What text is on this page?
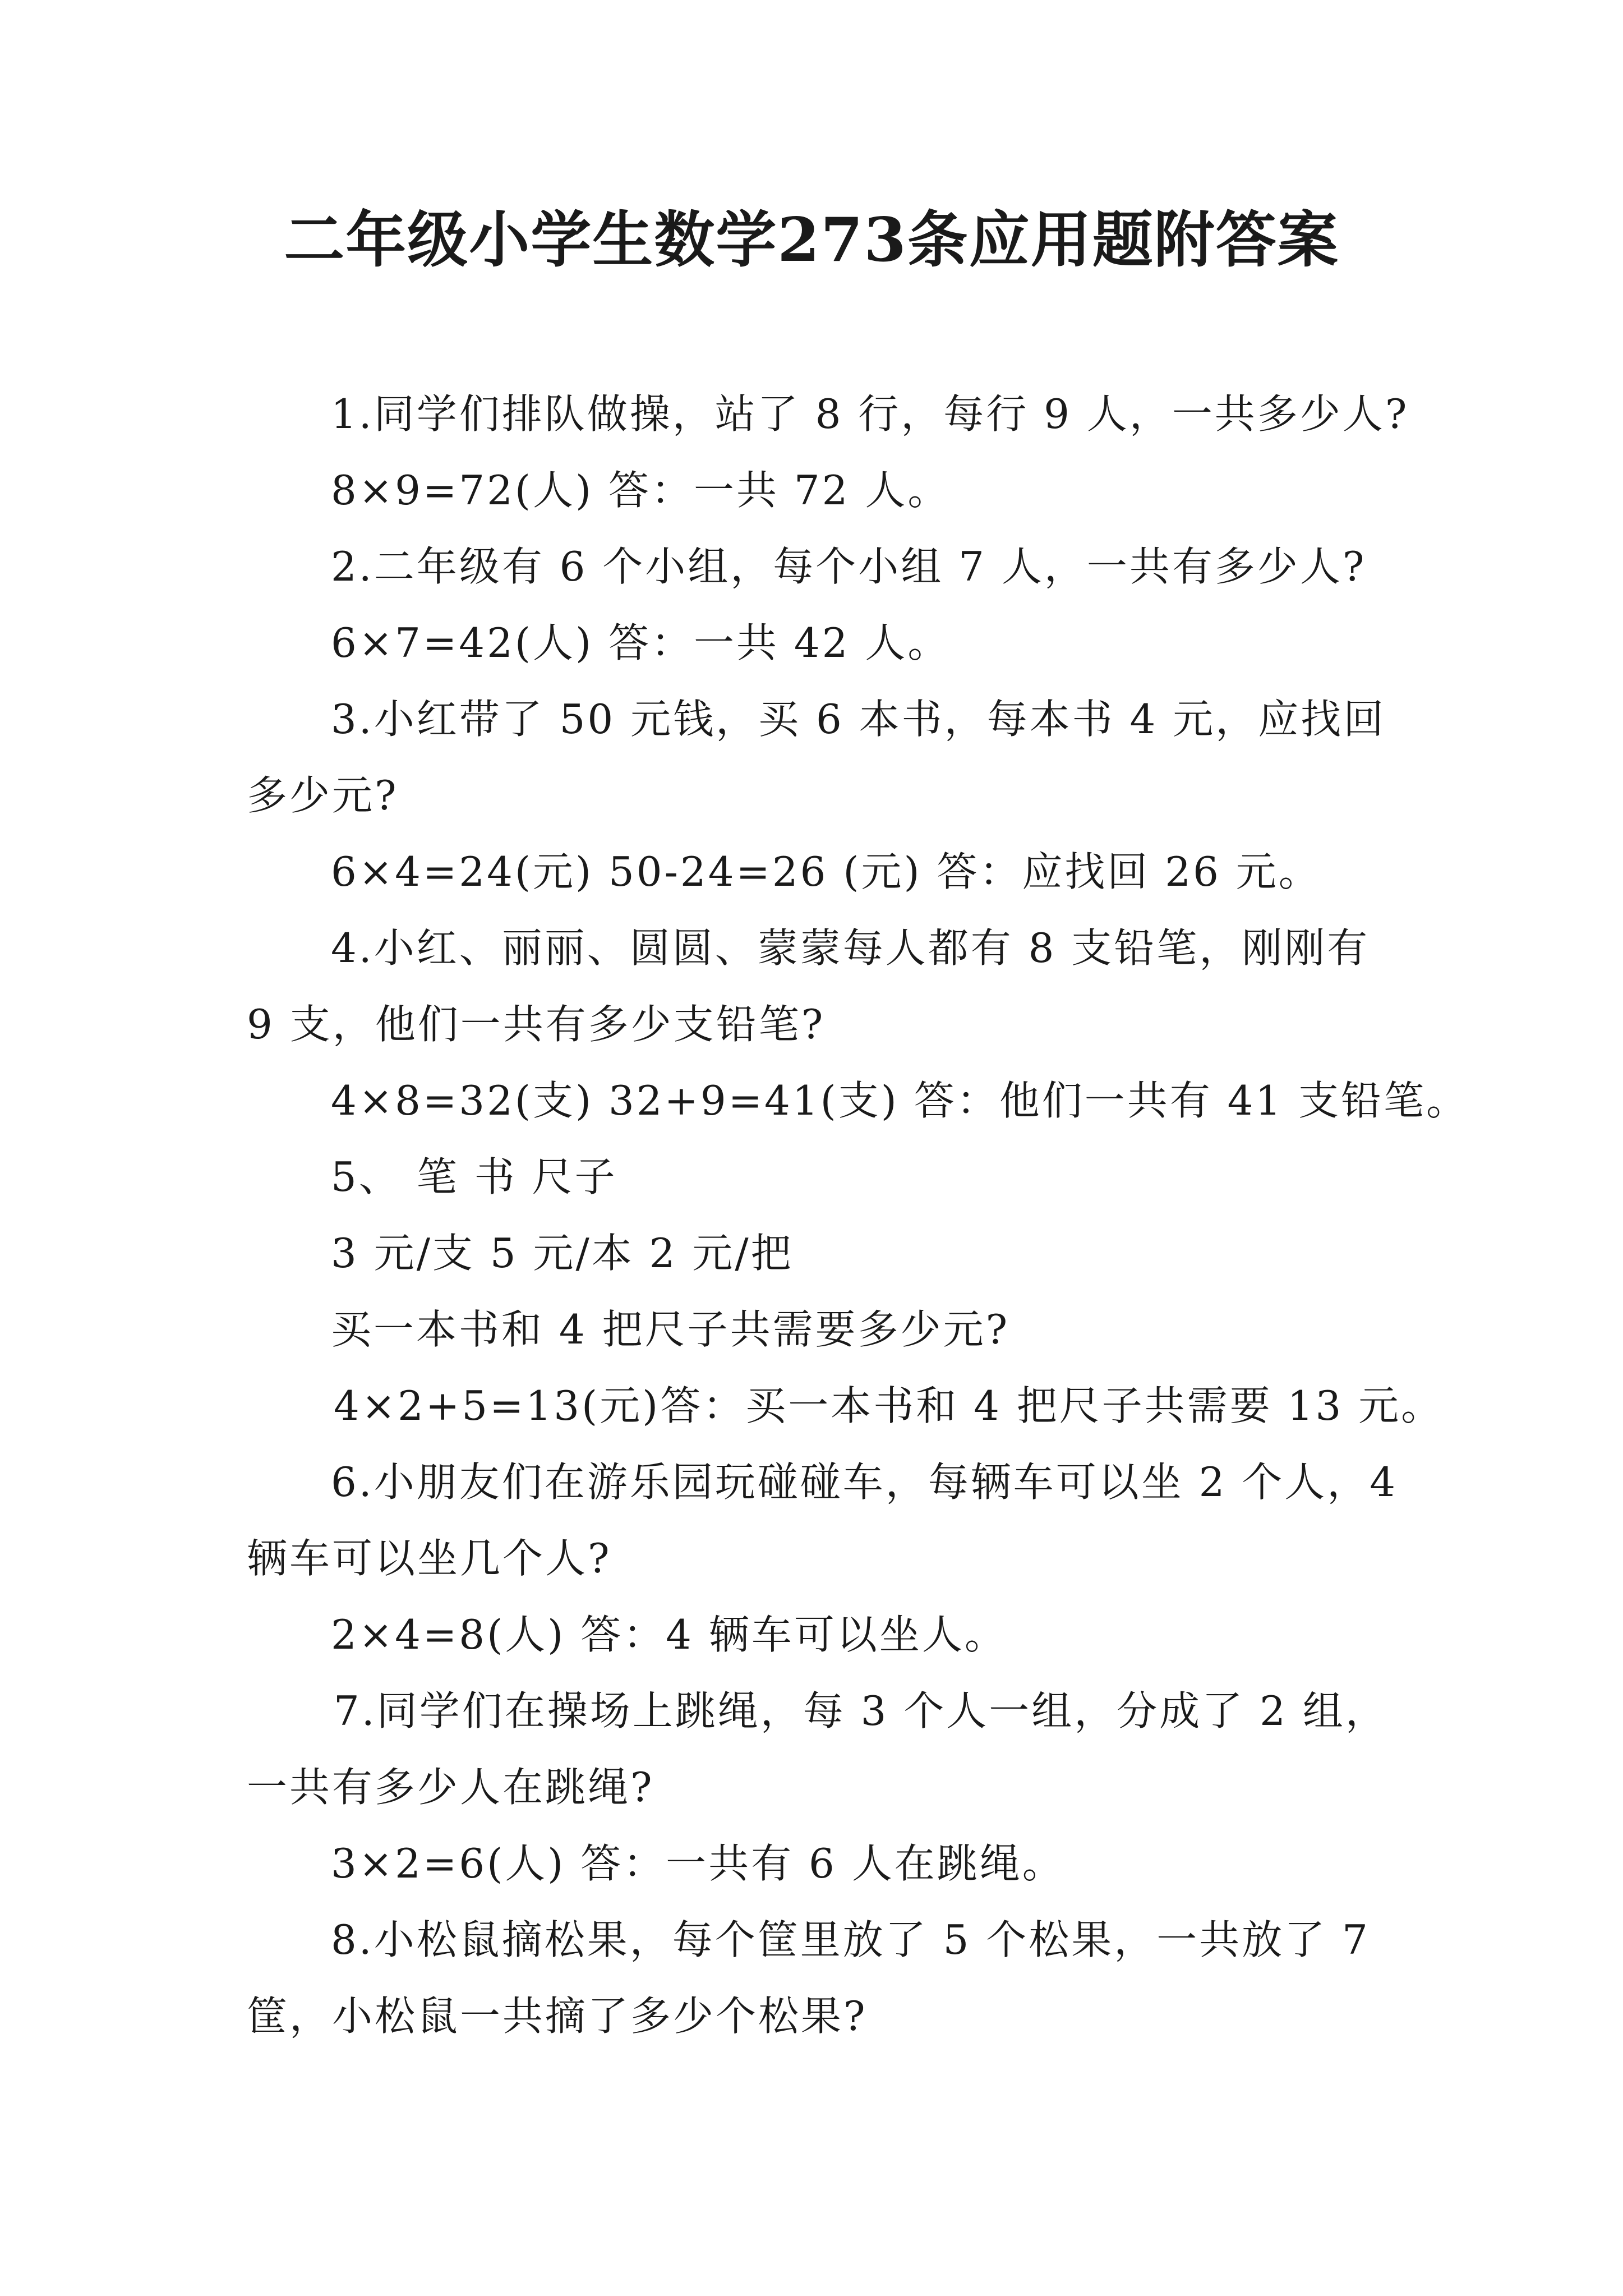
二年级小学生数学273条应用题附答案

1.同学们排队做操，站了 8 行，每行 9 人，一共多少人?

8×9=72(人) 答：一共 72 人。

2.二年级有 6 个小组，每个小组 7 人，一共有多少人?

6×7=42(人) 答：一共 42 人。

3.小红带了 50 元钱，买 6 本书，每本书 4 元，应找回

多少元?

6×4=24(元) 50-24=26 (元) 答：应找回 26 元。

4.小红、丽丽、圆圆、蒙蒙每人都有 8 支铅笔，刚刚有

9 支，他们一共有多少支铅笔?

4×8=32(支) 32+9=41(支) 答：他们一共有 41 支铅笔。

5、 笔 书 尺子

3 元/支 5 元/本 2 元/把

买一本书和 4 把尺子共需要多少元?

4×2+5=13(元)答：买一本书和 4 把尺子共需要 13 元。

6.小朋友们在游乐园玩碰碰车，每辆车可以坐 2 个人，4

辆车可以坐几个人?

2×4=8(人) 答：4 辆车可以坐人。

7.同学们在操场上跳绳，每 3 个人一组，分成了 2 组，

一共有多少人在跳绳?

3×2=6(人) 答：一共有 6 人在跳绳。

8.小松鼠摘松果，每个筐里放了 5 个松果，一共放了 7

筐，小松鼠一共摘了多少个松果?
